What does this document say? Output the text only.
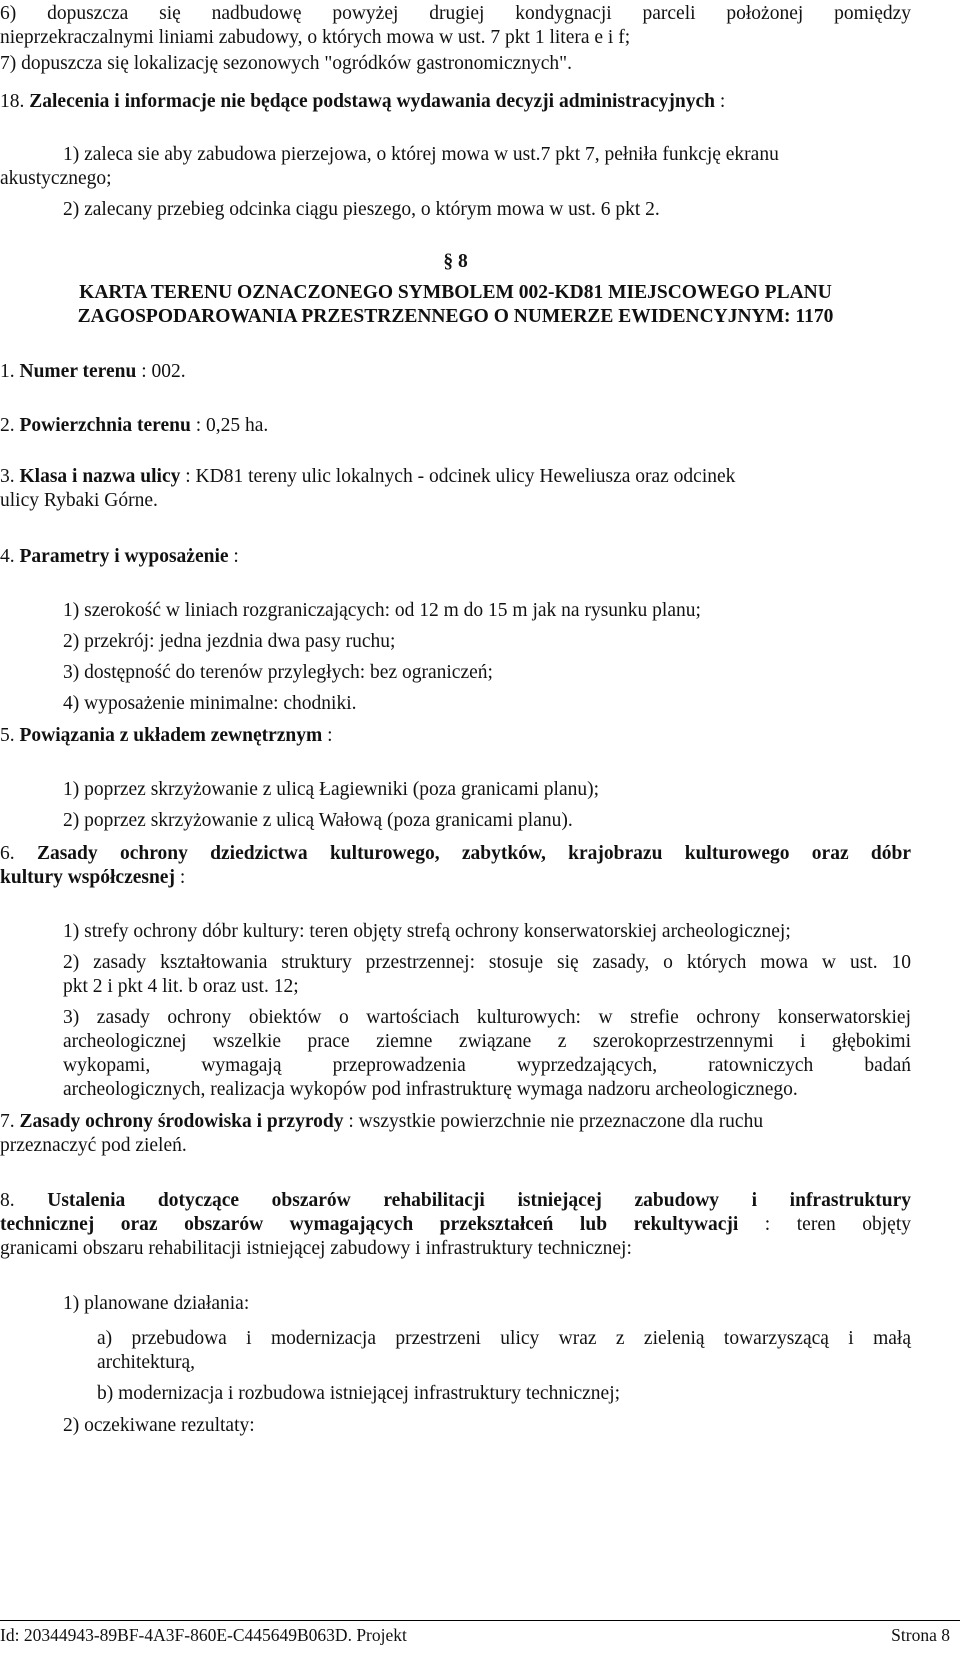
6) dopuszcza się nadbudowę powyżej drugiej kondygnacji parceli położonej pomiędzy
nieprzekraczalnymi liniami zabudowy, o których mowa w ust. 7 pkt 1 litera e i f;
7) dopuszcza się lokalizację sezonowych "ogródków gastronomicznych".
18. Zalecenia i informacje nie będące podstawą wydawania decyzji administracyjnych :
1) zaleca sie aby zabudowa pierzejowa, o której mowa w ust.7 pkt 7, pełniła funkcję ekranu
akustycznego;
2) zalecany przebieg odcinka ciągu pieszego, o którym mowa w ust. 6 pkt 2.
§ 8
KARTA TERENU OZNACZONEGO SYMBOLEM 002-KD81 MIEJSCOWEGO PLANU
ZAGOSPODAROWANIA PRZESTRZENNEGO O NUMERZE EWIDENCYJNYM: 1170
1. Numer terenu : 002.
2. Powierzchnia terenu : 0,25 ha.
3. Klasa i nazwa ulicy : KD81 tereny ulic lokalnych - odcinek ulicy Heweliusza oraz odcinek
ulicy Rybaki Górne.
4. Parametry i wyposażenie :
1) szerokość w liniach rozgraniczających: od 12 m do 15 m jak na rysunku planu;
2) przekrój: jedna jezdnia dwa pasy ruchu;
3) dostępność do terenów przyległych: bez ograniczeń;
4) wyposażenie minimalne: chodniki.
5. Powiązania z układem zewnętrznym :
1) poprzez skrzyżowanie z ulicą Łagiewniki (poza granicami planu);
2) poprzez skrzyżowanie z ulicą Wałową (poza granicami planu).
6. Zasady ochrony dziedzictwa kulturowego, zabytków, krajobrazu kulturowego oraz dóbr
kultury współczesnej :
1) strefy ochrony dóbr kultury: teren objęty strefą ochrony konserwatorskiej archeologicznej;
2) zasady kształtowania struktury przestrzennej: stosuje się zasady, o których mowa w ust. 10
pkt 2 i pkt 4 lit. b oraz ust. 12;
3) zasady ochrony obiektów o wartościach kulturowych: w strefie ochrony konserwatorskiej
archeologicznej wszelkie prace ziemne związane z szerokoprzestrzennymi i głębokimi
wykopami, wymagają przeprowadzenia wyprzedzających, ratowniczych badań
archeologicznych, realizacja wykopów pod infrastrukturę wymaga nadzoru archeologicznego.
7. Zasady ochrony środowiska i przyrody : wszystkie powierzchnie nie przeznaczone dla ruchu
przeznaczyć pod zieleń.
8. Ustalenia dotyczące obszarów rehabilitacji istniejącej zabudowy i infrastruktury
technicznej oraz obszarów wymagających przekształceń lub rekultywacji : teren objęty
granicami obszaru rehabilitacji istniejącej zabudowy i infrastruktury technicznej:
1) planowane działania:
a) przebudowa i modernizacja przestrzeni ulicy wraz z zielenią towarzyszącą i małą
architekturą,
b) modernizacja i rozbudowa istniejącej infrastruktury technicznej;
2) oczekiwane rezultaty:
Id: 20344943-89BF-4A3F-860E-C445649B063D. Projekt	Strona 8
